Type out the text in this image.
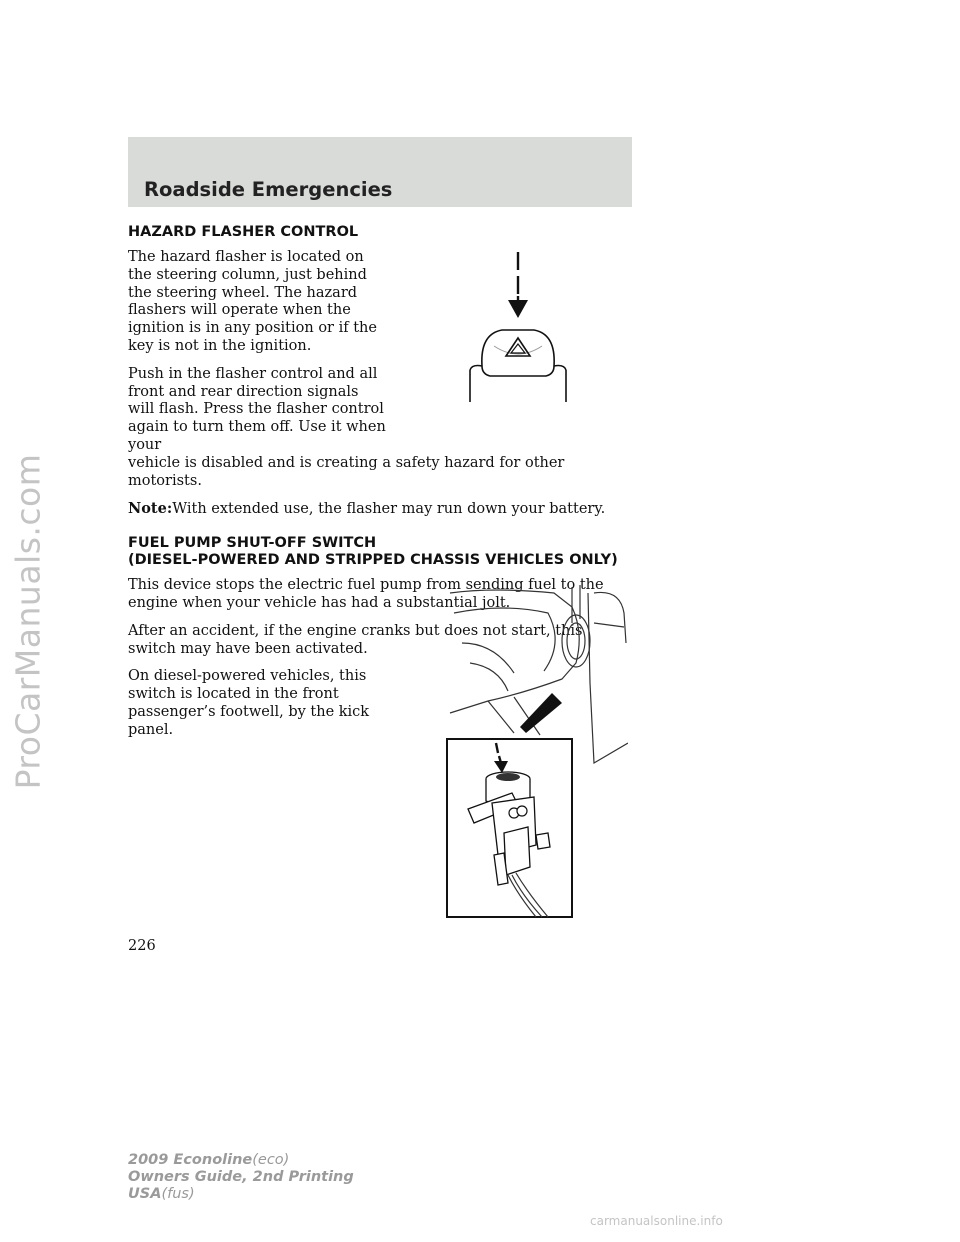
ProCarManuals.com
Roadside Emergencies
HAZARD FLASHER CONTROL

The hazard flasher is located on the steering column, just behind the steering wheel. The hazard flashers will operate when the ignition is in any position or if the key is not in the ignition.

Push in the flasher control and all front and rear direction signals will flash. Press the flasher control again to turn them off. Use it when your

vehicle is disabled and is creating a safety hazard for other motorists.

Note:With extended use, the flasher may run down your battery.

FUEL PUMP SHUT-OFF SWITCH
(DIESEL-POWERED AND STRIPPED CHASSIS VEHICLES ONLY)

This device stops the electric fuel pump from sending fuel to the engine when your vehicle has had a substantial jolt.

After an accident, if the engine cranks but does not start, this switch may have been activated.

On diesel-powered vehicles, this switch is located in the front passenger’s footwell, by the kick panel.

226
2009 Econoline(eco)
Owners Guide, 2nd Printing
USA(fus)
carmanualsonline.info
